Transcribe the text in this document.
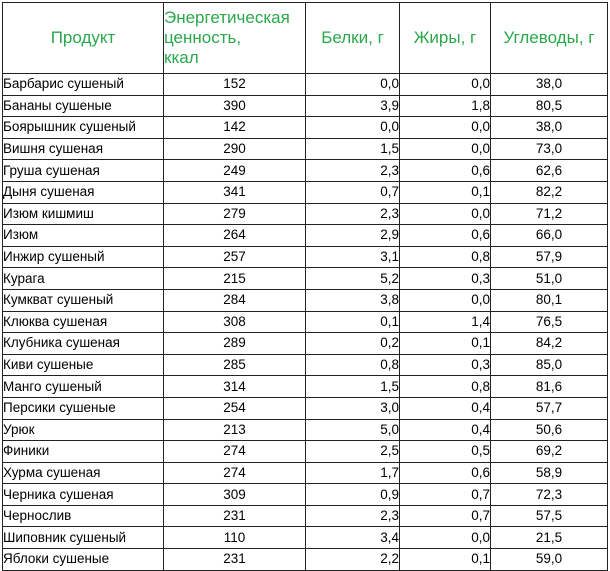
Продукт	Энергетическая
ценность,
ккал	Белки, г	Жиры, г	Углеводы, г
Барбарис сушеный	152	0,0	0,0	38,0
Бананы сушеные	390	3,9	1,8	80,5
Боярышник сушеный	142	0,0	0,0	38,0
Вишня сушеная	290	1,5	0,0	73,0
Груша сушеная	249	2,3	0,6	62,6
Дыня сушеная	341	0,7	0,1	82,2
Изюм кишмиш	279	2,3	0,0	71,2
Изюм	264	2,9	0,6	66,0
Инжир сушеный	257	3,1	0,8	57,9
Курага	215	5,2	0,3	51,0
Кумкват сушеный	284	3,8	0,0	80,1
Клюква сушеная	308	0,1	1,4	76,5
Клубника сушеная	289	0,2	0,1	84,2
Киви сушеные	285	0,8	0,3	85,0
Манго сушеный	314	1,5	0,8	81,6
Персики сушеные	254	3,0	0,4	57,7
Урюк	213	5,0	0,4	50,6
Финики	274	2,5	0,5	69,2
Хурма сушеная	274	1,7	0,6	58,9
Черника сушеная	309	0,9	0,7	72,3
Чернослив	231	2,3	0,7	57,5
Шиповник сушеный	110	3,4	0,0	21,5
Яблоки сушеные	231	2,2	0,1	59,0
